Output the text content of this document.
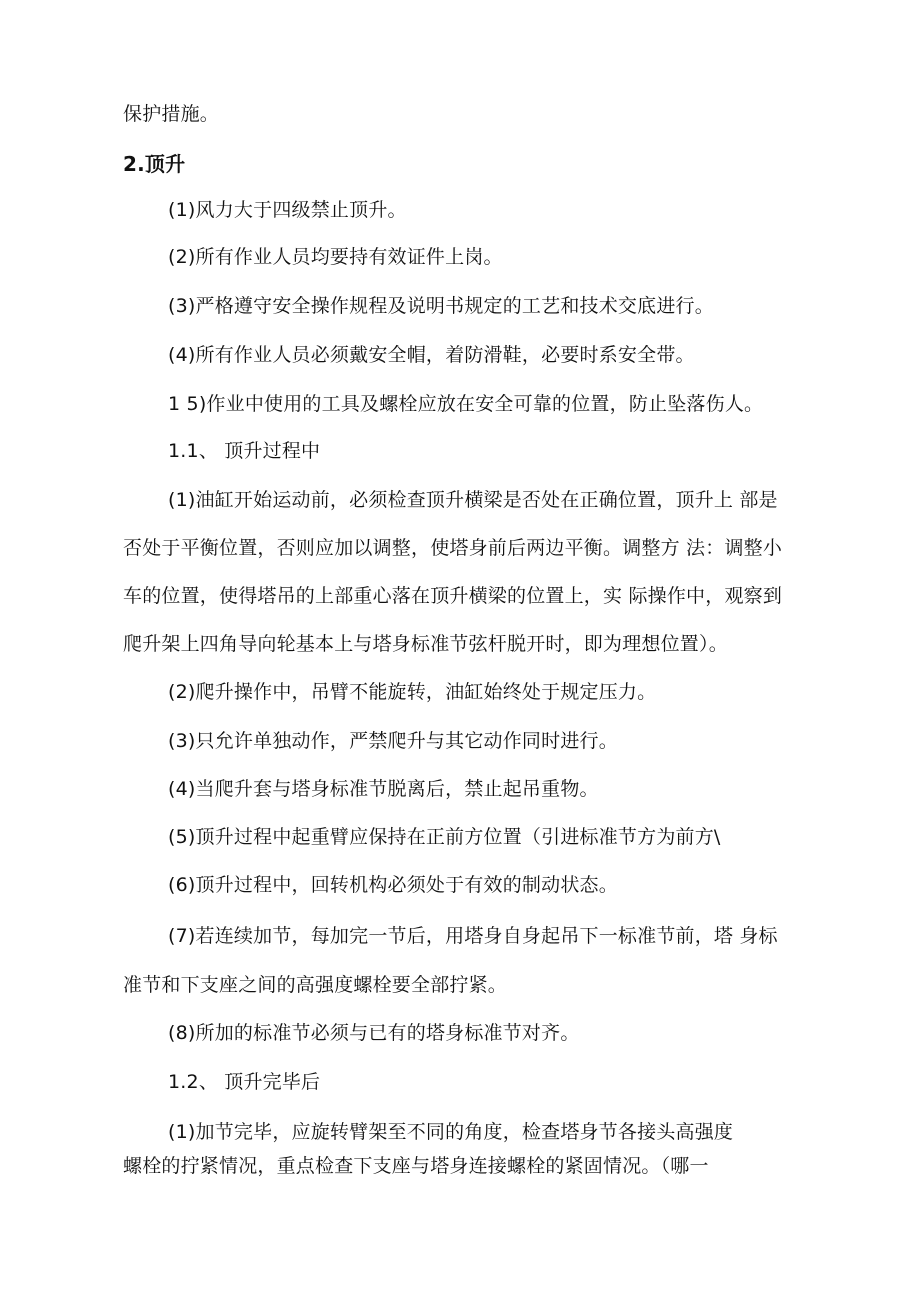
保护措施。
2.顶升
(1)风力大于四级禁止顶升。
(2)所有作业人员均要持有效证件上岗。
(3)严格遵守安全操作规程及说明书规定的工艺和技术交底进行。
(4)所有作业人员必须戴安全帽，着防滑鞋，必要时系安全带。
1 5)作业中使用的工具及螺栓应放在安全可靠的位置，防止坠落伤人。
1.1、 顶升过程中
(1)油缸开始运动前，必须检查顶升横梁是否处在正确位置，顶升上 部是
否处于平衡位置，否则应加以调整，使塔身前后两边平衡。调整方 法：调整小
车的位置，使得塔吊的上部重心落在顶升横梁的位置上，实 际操作中，观察到
爬升架上四角导向轮基本上与塔身标准节弦杆脱开时，即为理想位置）。
(2)爬升操作中，吊臂不能旋转，油缸始终处于规定压力。
(3)只允许单独动作，严禁爬升与其它动作同时进行。
(4)当爬升套与塔身标准节脱离后，禁止起吊重物。
(5)顶升过程中起重臂应保持在正前方位置（引进标准节方为前方\
(6)顶升过程中，回转机构必须处于有效的制动状态。
(7)若连续加节，每加完一节后，用塔身自身起吊下一标准节前，塔 身标
准节和下支座之间的高强度螺栓要全部拧紧。
(8)所加的标准节必须与已有的塔身标准节对齐。
1.2、 顶升完毕后
(1)加节完毕，应旋转臂架至不同的角度，检查塔身节各接头高强度
螺栓的拧紧情况，重点检查下支座与塔身连接螺栓的紧固情况。（哪一
